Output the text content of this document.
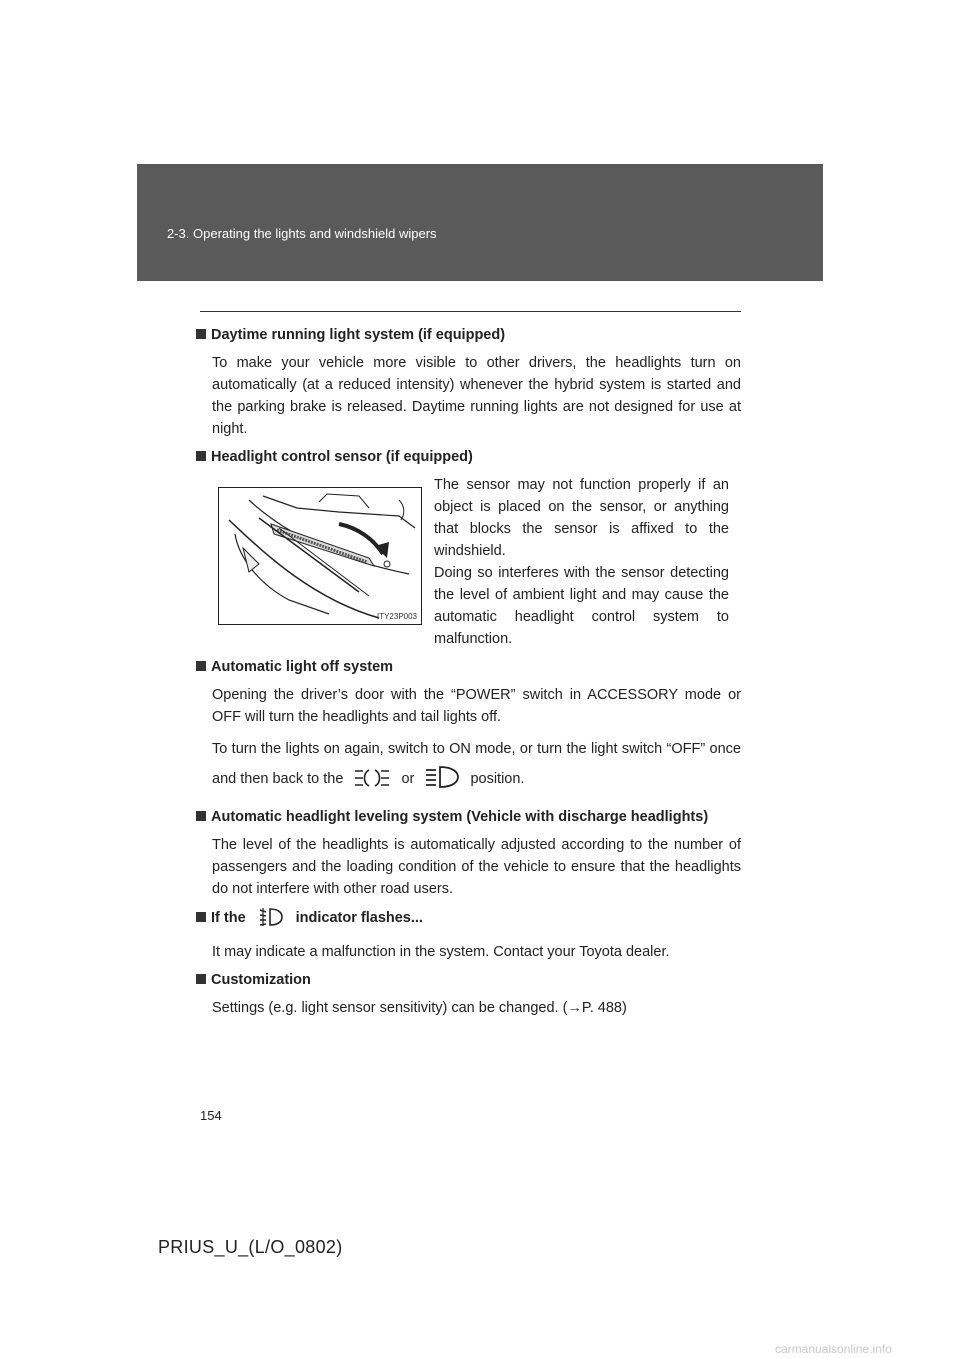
2-3. Operating the lights and windshield wipers
Daytime running light system (if equipped)
To make your vehicle more visible to other drivers, the headlights turn on automatically (at a reduced intensity) whenever the hybrid system is started and the parking brake is released. Daytime running lights are not designed for use at night.
Headlight control sensor (if equipped)
ITY23P003
The sensor may not function properly if an object is placed on the sensor, or anything that blocks the sensor is affixed to the windshield.
Doing so interferes with the sensor detecting the level of ambient light and may cause the automatic headlight control system to malfunction.
Automatic light off system
Opening the driver’s door with the “POWER” switch in ACCESSORY mode or OFF will turn the headlights and tail lights off.
To turn the lights on again, switch to ON mode, or turn the light switch “OFF” once and then back to the	or	position.
Automatic headlight leveling system (Vehicle with discharge headlights)
The level of the headlights is automatically adjusted according to the number of passengers and the loading condition of the vehicle to ensure that the headlights do not interfere with other road users.
If the	indicator flashes...
It may indicate a malfunction in the system. Contact your Toyota dealer.
Customization
Settings (e.g. light sensor sensitivity) can be changed. (→P. 488)
154
PRIUS_U_(L/O_0802)
carmanualsonline.info
